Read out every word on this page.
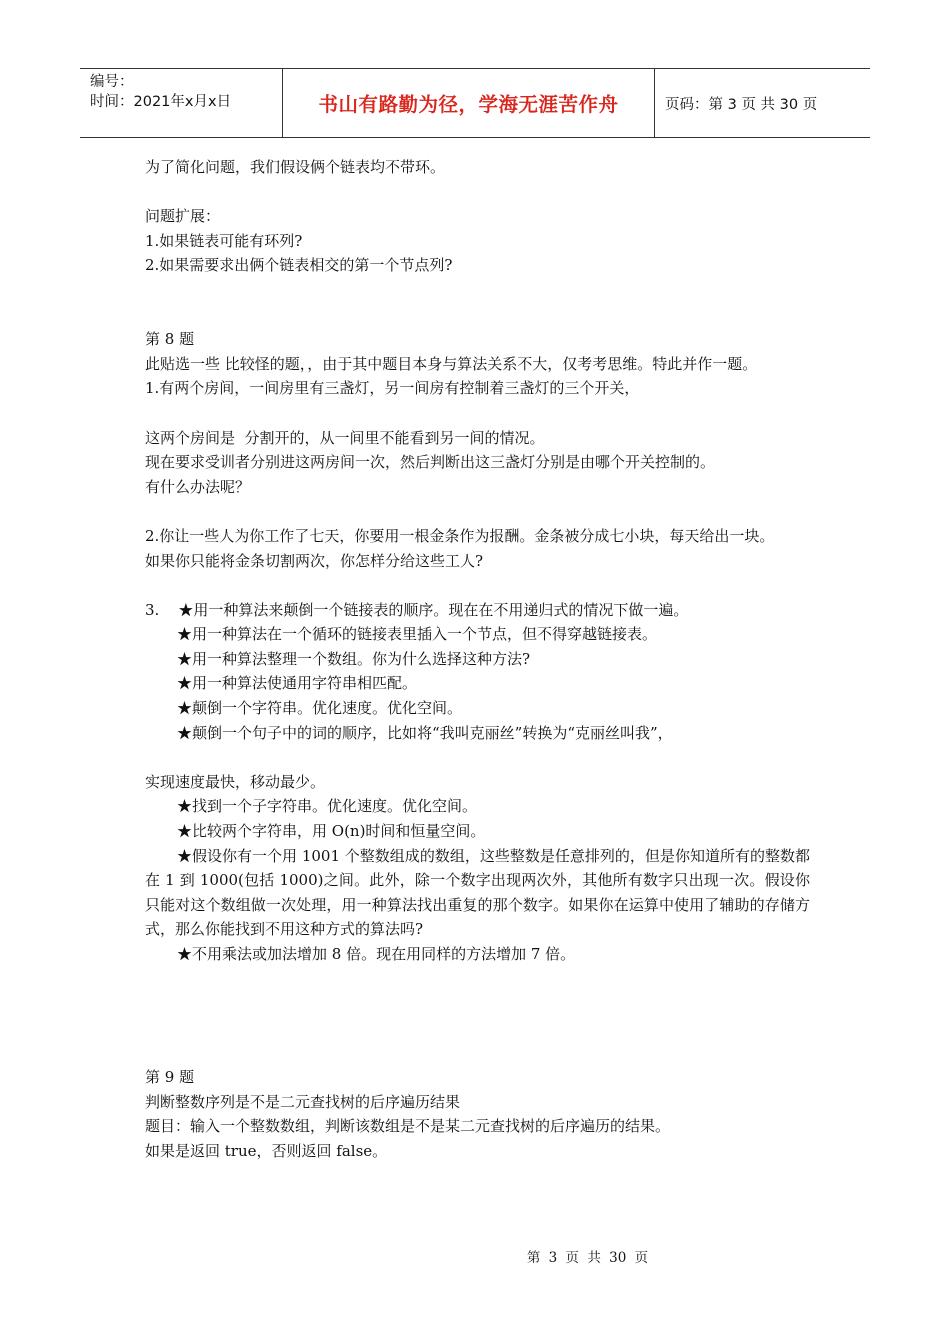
编号：
时间：2021年x月x日	书山有路勤为径，学海无涯苦作舟	页码：第 3 页 共 30 页
为了简化问题，我们假设俩个链表均不带环。
问题扩展：
1.如果链表可能有环列?
2.如果需要求出俩个链表相交的第一个节点列?
第 8 题
此贴选一些 比较怪的题，，由于其中题目本身与算法关系不大，仅考考思维。特此并作一题。
1.有两个房间，一间房里有三盏灯，另一间房有控制着三盏灯的三个开关，
这两个房间是  分割开的，从一间里不能看到另一间的情况。
现在要求受训者分别进这两房间一次，然后判断出这三盏灯分别是由哪个开关控制的。
有什么办法呢？
2.你让一些人为你工作了七天，你要用一根金条作为报酬。金条被分成七小块，每天给出一块。
如果你只能将金条切割两次，你怎样分给这些工人?
3.    ★用一种算法来颠倒一个链接表的顺序。现在在不用递归式的情况下做一遍。
★用一种算法在一个循环的链接表里插入一个节点，但不得穿越链接表。
★用一种算法整理一个数组。你为什么选择这种方法?
★用一种算法使通用字符串相匹配。
★颠倒一个字符串。优化速度。优化空间。
★颠倒一个句子中的词的顺序，比如将“我叫克丽丝”转换为“克丽丝叫我”，
实现速度最快，移动最少。
★找到一个子字符串。优化速度。优化空间。
★比较两个字符串，用 O(n)时间和恒量空间。
★假设你有一个用 1001 个整数组成的数组，这些整数是任意排列的，但是你知道所有的整数都在 1 到 1000(包括 1000)之间。此外，除一个数字出现两次外，其他所有数字只出现一次。假设你只能对这个数组做一次处理，用一种算法找出重复的那个数字。如果你在运算中使用了辅助的存储方式，那么你能找到不用这种方式的算法吗?
★不用乘法或加法增加 8 倍。现在用同样的方法增加 7 倍。
第 9 题
判断整数序列是不是二元查找树的后序遍历结果
题目：输入一个整数数组，判断该数组是不是某二元查找树的后序遍历的结果。
如果是返回 true，否则返回 false。
第 3 页 共 30 页
